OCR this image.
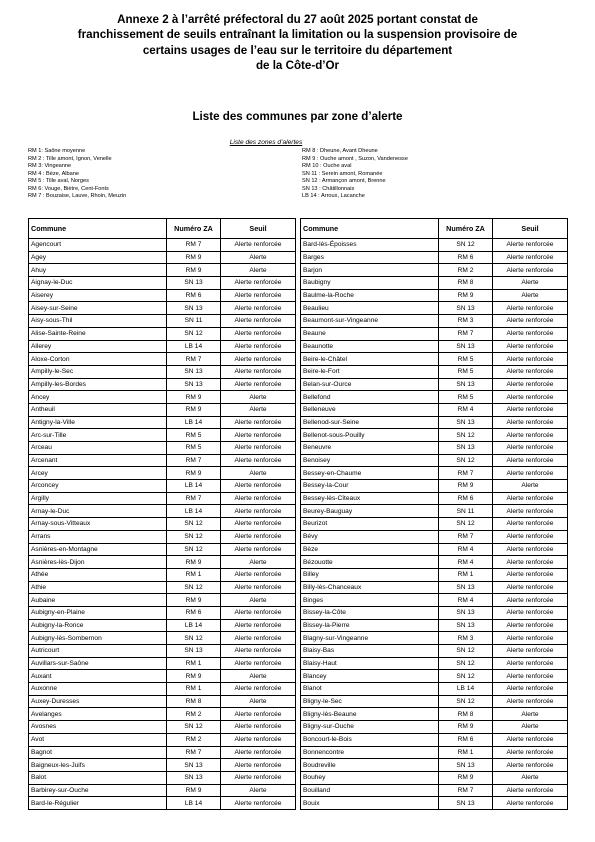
Annexe 2 à l’arrêté préfectoral du 27 août 2025 portant constat de
franchissement de seuils entraînant la limitation ou la suspension provisoire de
certains usages de l’eau sur le territoire du département
de la Côte-d’Or
Liste des communes par zone d’alerte
Liste des zones d’alertes
RM 1: Saône moyenne
RM 2 : Tille amont, Ignon, Venelle
RM 3: Vingeanne
RM 4 : Bèze, Albane
RM 5 : Tille aval, Norges
RM 6: Vouge, Biètre, Cent-Fonts
RM 7 : Bouzaise, Lauve, Rhoin, Meuzin
RM 8 : Dheune, Avant Dheune
RM 9 : Ouche amont , Suzon, Vandenesse
RM 10 : Ouche aval
SN 11 : Serein amont, Romanée
SN 12 : Armançon amont, Brenne
SN 13 : Châtillonnais
LB 14 : Arroux, Lacanche
Commune	Numéro ZA	Seuil
Agencourt	RM 7	Alerte renforcée
Agey	RM 9	Alerte
Ahuy	RM 9	Alerte
Aignay-le-Duc	SN 13	Alerte renforcée
Aiserey	RM 6	Alerte renforcée
Aisey-sur-Seine	SN 13	Alerte renforcée
Aisy-sous-Thil	SN 11	Alerte renforcée
Alise-Sainte-Reine	SN 12	Alerte renforcée
Allerey	LB 14	Alerte renforcée
Aloxe-Corton	RM 7	Alerte renforcée
Ampilly-le-Sec	SN 13	Alerte renforcée
Ampilly-les-Bordes	SN 13	Alerte renforcée
Ancey	RM 9	Alerte
Antheuil	RM 9	Alerte
Antigny-la-Ville	LB 14	Alerte renforcée
Arc-sur-Tille	RM 5	Alerte renforcée
Arceau	RM 5	Alerte renforcée
Arcenant	RM 7	Alerte renforcée
Arcey	RM 9	Alerte
Arconcey	LB 14	Alerte renforcée
Argilly	RM 7	Alerte renforcée
Arnay-le-Duc	LB 14	Alerte renforcée
Arnay-sous-Vitteaux	SN 12	Alerte renforcée
Arrans	SN 12	Alerte renforcée
Asnières-en-Montagne	SN 12	Alerte renforcée
Asnières-lès-Dijon	RM 9	Alerte
Athée	RM 1	Alerte renforcée
Athie	SN 12	Alerte renforcée
Aubaine	RM 9	Alerte
Aubigny-en-Plaine	RM 6	Alerte renforcée
Aubigny-la-Ronce	LB 14	Alerte renforcée
Aubigny-lès-Sombernon	SN 12	Alerte renforcée
Autricourt	SN 13	Alerte renforcée
Auvillars-sur-Saône	RM 1	Alerte renforcée
Auxant	RM 9	Alerte
Auxonne	RM 1	Alerte renforcée
Auxey-Duresses	RM 8	Alerte
Avelanges	RM 2	Alerte renforcée
Avosnes	SN 12	Alerte renforcée
Avot	RM 2	Alerte renforcée
Bagnot	RM 7	Alerte renforcée
Baigneux-les-Juifs	SN 13	Alerte renforcée
Balot	SN 13	Alerte renforcée
Barbirey-sur-Ouche	RM 9	Alerte
Bard-le-Régulier	LB 14	Alerte renforcée
Commune	Numéro ZA	Seuil
Bard-lès-Époisses	SN 12	Alerte renforcée
Barges	RM 6	Alerte renforcée
Barjon	RM 2	Alerte renforcée
Baubigny	RM 8	Alerte
Baulme-la-Roche	RM 9	Alerte
Beaulieu	SN 13	Alerte renforcée
Beaumont-sur-Vingeanne	RM 3	Alerte renforcée
Beaune	RM 7	Alerte renforcée
Beaunotte	SN 13	Alerte renforcée
Beire-le-Châtel	RM 5	Alerte renforcée
Beire-le-Fort	RM 5	Alerte renforcée
Belan-sur-Ource	SN 13	Alerte renforcée
Bellefond	RM 5	Alerte renforcée
Belleneuve	RM 4	Alerte renforcée
Bellenod-sur-Seine	SN 13	Alerte renforcée
Bellenot-sous-Pouilly	SN 12	Alerte renforcée
Beneuvre	SN 13	Alerte renforcée
Benoisey	SN 12	Alerte renforcée
Bessey-en-Chaume	RM 7	Alerte renforcée
Bessey-la-Cour	RM 9	Alerte
Bessey-lès-Cîteaux	RM 6	Alerte renforcée
Beurey-Bauguay	SN 11	Alerte renforcée
Beurizot	SN 12	Alerte renforcée
Bévy	RM 7	Alerte renforcée
Bèze	RM 4	Alerte renforcée
Bézouotte	RM 4	Alerte renforcée
Billey	RM 1	Alerte renforcée
Billy-lès-Chanceaux	SN 13	Alerte renforcée
Binges	RM 4	Alerte renforcée
Bissey-la-Côte	SN 13	Alerte renforcée
Bissey-la-Pierre	SN 13	Alerte renforcée
Blagny-sur-Vingeanne	RM 3	Alerte renforcée
Blaisy-Bas	SN 12	Alerte renforcée
Blaisy-Haut	SN 12	Alerte renforcée
Blancey	SN 12	Alerte renforcée
Blanot	LB 14	Alerte renforcée
Bligny-le-Sec	SN 12	Alerte renforcée
Bligny-lès-Beaune	RM 8	Alerte
Bligny-sur-Ouche	RM 9	Alerte
Boncourt-le-Bois	RM 6	Alerte renforcée
Bonnencontre	RM 1	Alerte renforcée
Boudreville	SN 13	Alerte renforcée
Bouhey	RM 9	Alerte
Bouilland	RM 7	Alerte renforcée
Bouix	SN 13	Alerte renforcée
